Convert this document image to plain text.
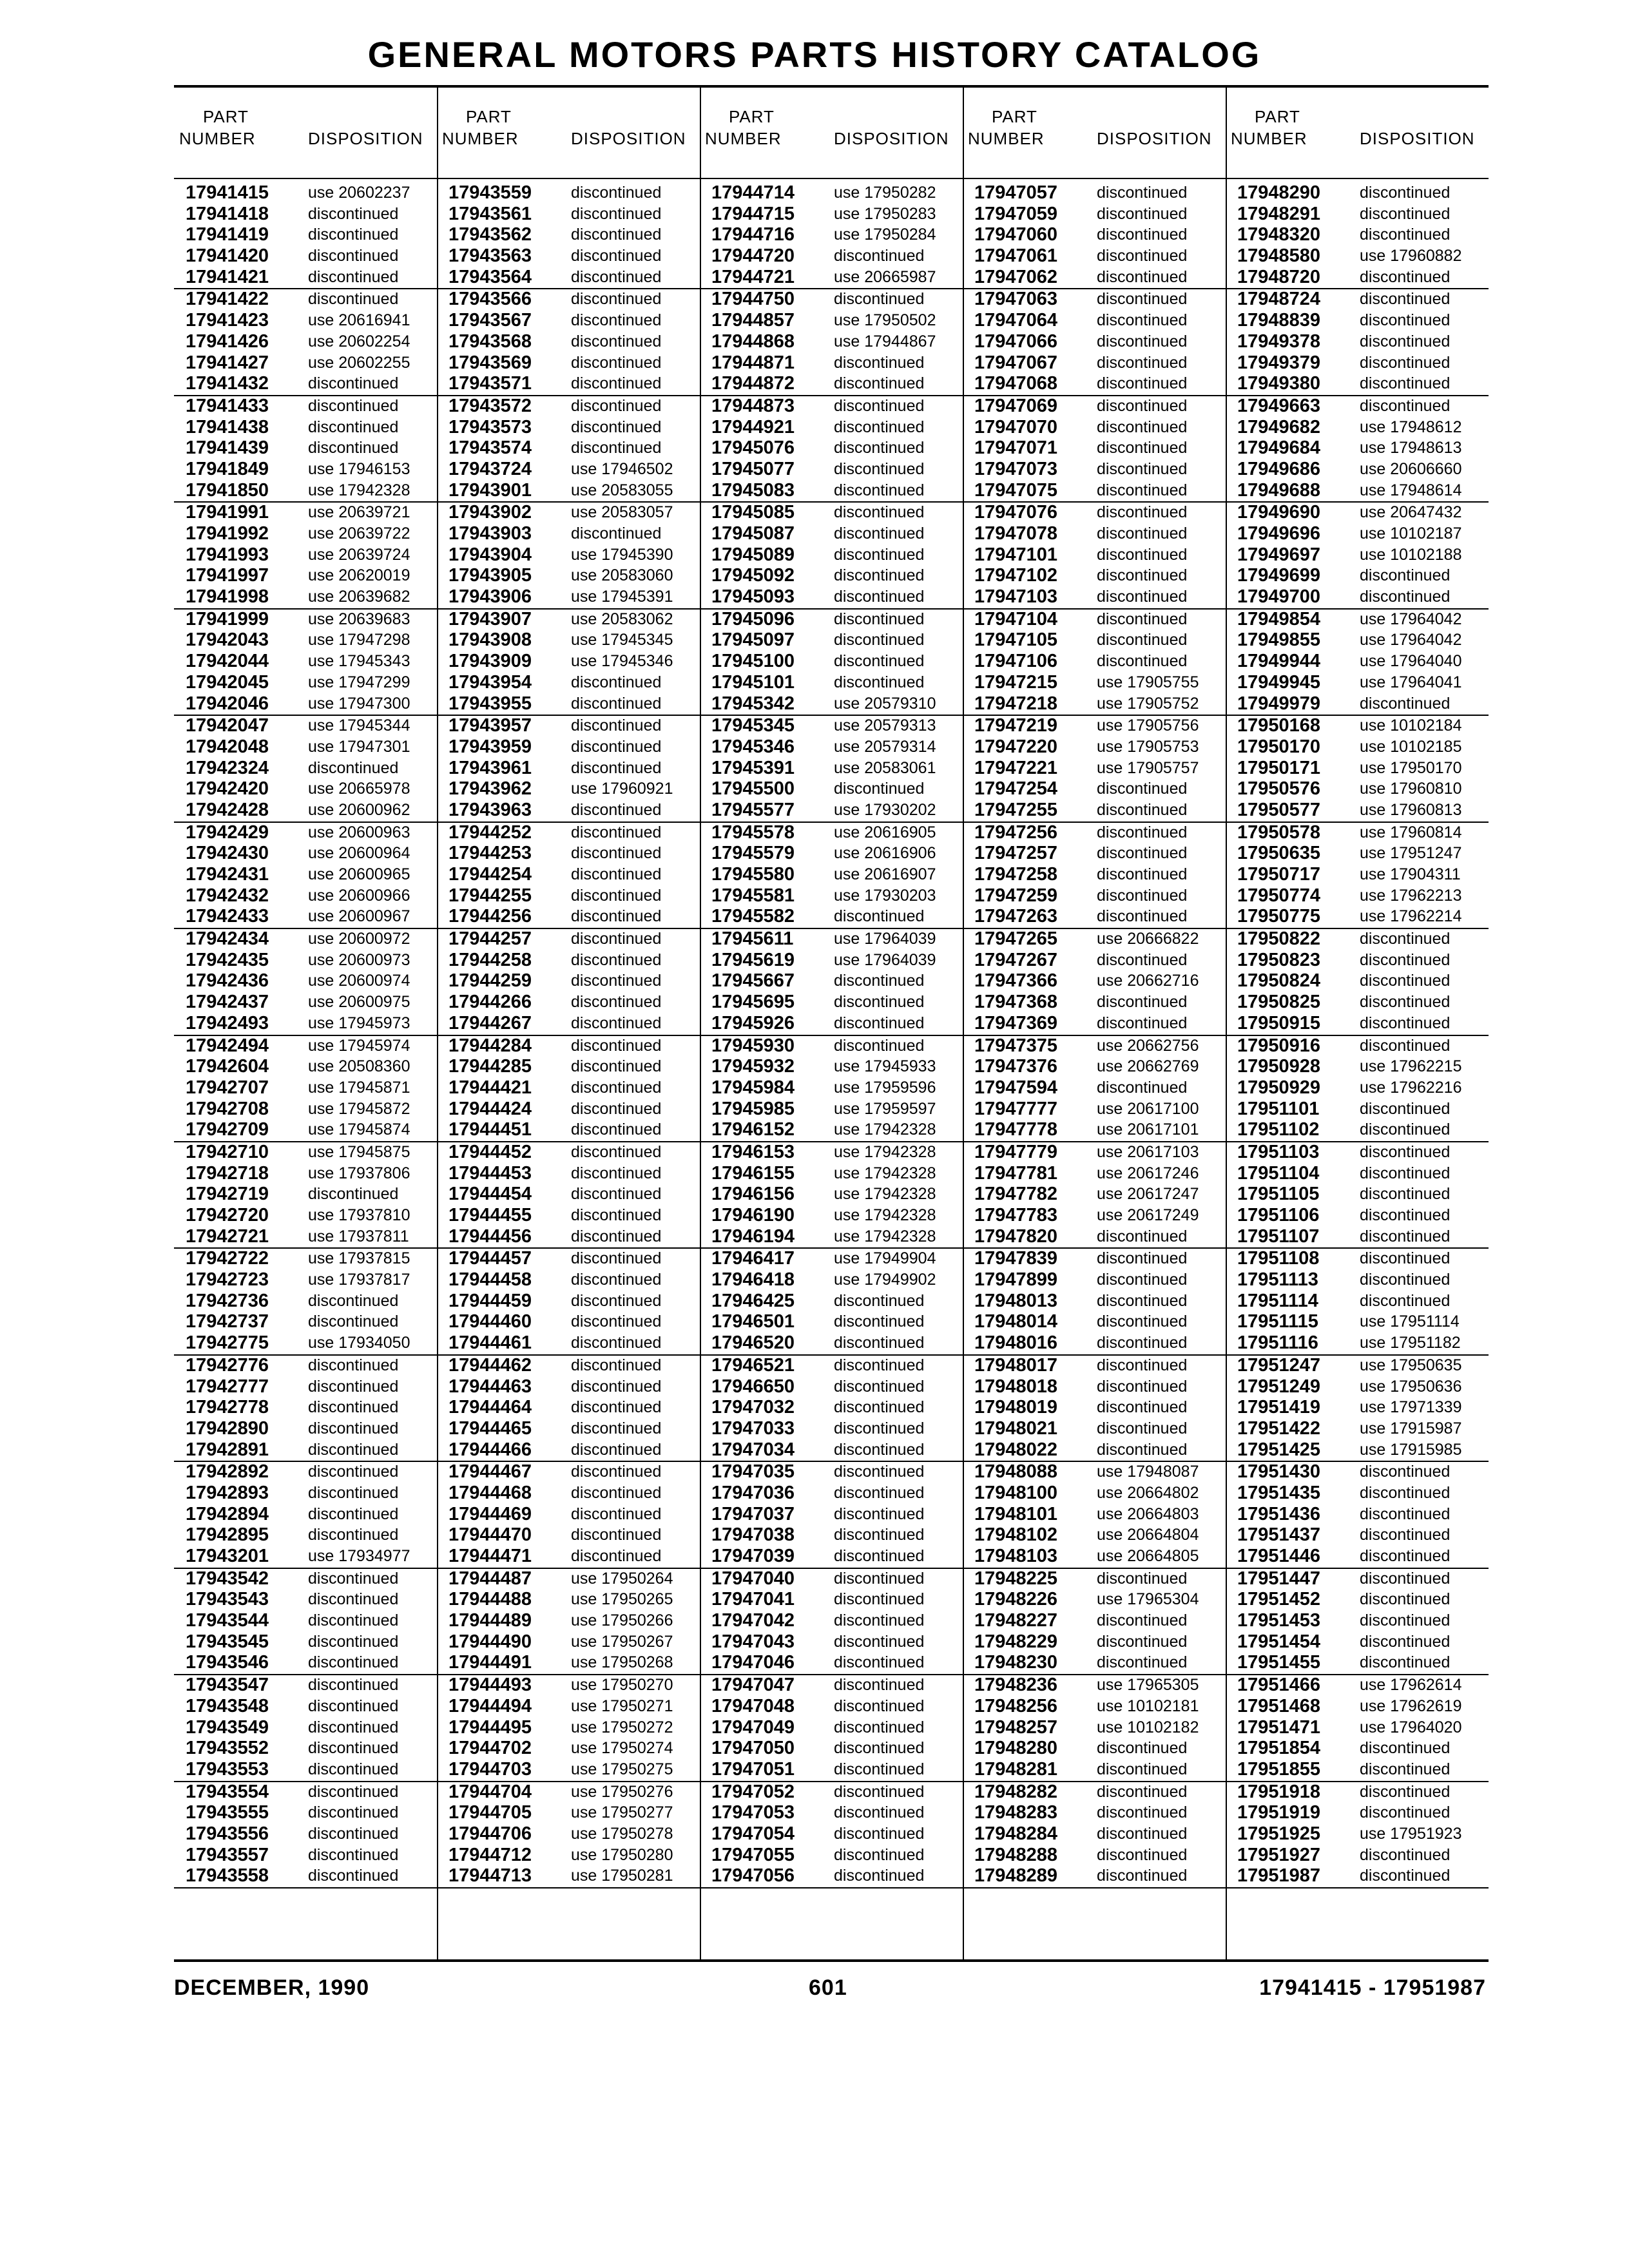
GENERAL MOTORS PARTS HISTORY CATALOG
PART
NUMBER	DISPOSITION
17941415 use 20602237
17941418 discontinued
17941419 discontinued
17941420 discontinued
17941421 discontinued
17941422 discontinued
17941423 use 20616941
17941426 use 20602254
17941427 use 20602255
17941432 discontinued
17941433 discontinued
17941438 discontinued
17941439 discontinued
17941849 use 17946153
17941850 use 17942328
17941991 use 20639721
17941992 use 20639722
17941993 use 20639724
17941997 use 20620019
17941998 use 20639682
17941999 use 20639683
17942043 use 17947298
17942044 use 17945343
17942045 use 17947299
17942046 use 17947300
17942047 use 17945344
17942048 use 17947301
17942324 discontinued
17942420 use 20665978
17942428 use 20600962
17942429 use 20600963
17942430 use 20600964
17942431 use 20600965
17942432 use 20600966
17942433 use 20600967
17942434 use 20600972
17942435 use 20600973
17942436 use 20600974
17942437 use 20600975
17942493 use 17945973
17942494 use 17945974
17942604 use 20508360
17942707 use 17945871
17942708 use 17945872
17942709 use 17945874
17942710 use 17945875
17942718 use 17937806
17942719 discontinued
17942720 use 17937810
17942721 use 17937811
17942722 use 17937815
17942723 use 17937817
17942736 discontinued
17942737 discontinued
17942775 use 17934050
17942776 discontinued
17942777 discontinued
17942778 discontinued
17942890 discontinued
17942891 discontinued
17942892 discontinued
17942893 discontinued
17942894 discontinued
17942895 discontinued
17943201 use 17934977
17943542 discontinued
17943543 discontinued
17943544 discontinued
17943545 discontinued
17943546 discontinued
17943547 discontinued
17943548 discontinued
17943549 discontinued
17943552 discontinued
17943553 discontinued
17943554 discontinued
17943555 discontinued
17943556 discontinued
17943557 discontinued
17943558 discontinued
PART
NUMBER	DISPOSITION
17943559 discontinued
17943561 discontinued
17943562 discontinued
17943563 discontinued
17943564 discontinued
17943566 discontinued
17943567 discontinued
17943568 discontinued
17943569 discontinued
17943571 discontinued
17943572 discontinued
17943573 discontinued
17943574 discontinued
17943724 use 17946502
17943901 use 20583055
17943902 use 20583057
17943903 discontinued
17943904 use 17945390
17943905 use 20583060
17943906 use 17945391
17943907 use 20583062
17943908 use 17945345
17943909 use 17945346
17943954 discontinued
17943955 discontinued
17943957 discontinued
17943959 discontinued
17943961 discontinued
17943962 use 17960921
17943963 discontinued
17944252 discontinued
17944253 discontinued
17944254 discontinued
17944255 discontinued
17944256 discontinued
17944257 discontinued
17944258 discontinued
17944259 discontinued
17944266 discontinued
17944267 discontinued
17944284 discontinued
17944285 discontinued
17944421 discontinued
17944424 discontinued
17944451 discontinued
17944452 discontinued
17944453 discontinued
17944454 discontinued
17944455 discontinued
17944456 discontinued
17944457 discontinued
17944458 discontinued
17944459 discontinued
17944460 discontinued
17944461 discontinued
17944462 discontinued
17944463 discontinued
17944464 discontinued
17944465 discontinued
17944466 discontinued
17944467 discontinued
17944468 discontinued
17944469 discontinued
17944470 discontinued
17944471 discontinued
17944487 use 17950264
17944488 use 17950265
17944489 use 17950266
17944490 use 17950267
17944491 use 17950268
17944493 use 17950270
17944494 use 17950271
17944495 use 17950272
17944702 use 17950274
17944703 use 17950275
17944704 use 17950276
17944705 use 17950277
17944706 use 17950278
17944712 use 17950280
17944713 use 17950281
PART
NUMBER	DISPOSITION
17944714 use 17950282
17944715 use 17950283
17944716 use 17950284
17944720 discontinued
17944721 use 20665987
17944750 discontinued
17944857 use 17950502
17944868 use 17944867
17944871 discontinued
17944872 discontinued
17944873 discontinued
17944921 discontinued
17945076 discontinued
17945077 discontinued
17945083 discontinued
17945085 discontinued
17945087 discontinued
17945089 discontinued
17945092 discontinued
17945093 discontinued
17945096 discontinued
17945097 discontinued
17945100 discontinued
17945101 discontinued
17945342 use 20579310
17945345 use 20579313
17945346 use 20579314
17945391 use 20583061
17945500 discontinued
17945577 use 17930202
17945578 use 20616905
17945579 use 20616906
17945580 use 20616907
17945581 use 17930203
17945582 discontinued
17945611	use 17964039
17945619 use 17964039
17945667 discontinued
17945695 discontinued
17945926 discontinued
17945930 discontinued
17945932 use 17945933
17945984 use 17959596
17945985 use 17959597
17946152 use 17942328
17946153 use 17942328
17946155 use 17942328
17946156 use 17942328
17946190 use 17942328
17946194 use 17942328
17946417 use 17949904
17946418 use 17949902
17946425 discontinued
17946501 discontinued
17946520 discontinued
17946521 discontinued
17946650 discontinued
17947032 discontinued
17947033 discontinued
17947034 discontinued
17947035 discontinued
17947036 discontinued
17947037 discontinued
17947038 discontinued
17947039 discontinued
17947040 discontinued
17947041 discontinued
17947042 discontinued
17947043 discontinued
17947046 discontinued
17947047 discontinued
17947048 discontinued
17947049 discontinued
17947050 discontinued
17947051 discontinued
17947052 discontinued
17947053 discontinued
17947054 discontinued
17947055 discontinued
17947056 discontinued
PART
NUMBER	DISPOSITION
17947057 discontinued
17947059 discontinued
17947060 discontinued
17947061 discontinued
17947062 discontinued
17947063 discontinued
17947064 discontinued
17947066 discontinued
17947067 discontinued
17947068 discontinued
17947069 discontinued
17947070 discontinued
17947071 discontinued
17947073 discontinued
17947075 discontinued
17947076 discontinued
17947078 discontinued
17947101 discontinued
17947102 discontinued
17947103 discontinued
17947104 discontinued
17947105 discontinued
17947106 discontinued
17947215 use 17905755
17947218 use 17905752
17947219 use 17905756
17947220 use 17905753
17947221 use 17905757
17947254 discontinued
17947255 discontinued
17947256 discontinued
17947257 discontinued
17947258 discontinued
17947259 discontinued
17947263 discontinued
17947265 use 20666822
17947267 discontinued
17947366 use 20662716
17947368 discontinued
17947369 discontinued
17947375 use 20662756
17947376 use 20662769
17947594 discontinued
17947777 use 20617100
17947778 use 20617101
17947779 use 20617103
17947781 use 20617246
17947782 use 20617247
17947783 use 20617249
17947820 discontinued
17947839 discontinued
17947899 discontinued
17948013 discontinued
17948014 discontinued
17948016 discontinued
17948017 discontinued
17948018 discontinued
17948019 discontinued
17948021 discontinued
17948022 discontinued
17948088 use 17948087
17948100 use 20664802
17948101 use 20664803
17948102 use 20664804
17948103 use 20664805
17948225 discontinued
17948226 use 17965304
17948227 discontinued
17948229 discontinued
17948230 discontinued
17948236 use 17965305
17948256 use 10102181
17948257 use 10102182
17948280 discontinued
17948281 discontinued
17948282 discontinued
17948283 discontinued
17948284 discontinued
17948288 discontinued
17948289 discontinued
PART
NUMBER	DISPOSITION
17948290 discontinued
17948291 discontinued
17948320 discontinued
17948580 use 17960882
17948720 discontinued
17948724 discontinued
17948839 discontinued
17949378 discontinued
17949379 discontinued
17949380 discontinued
17949663 discontinued
17949682 use 17948612
17949684 use 17948613
17949686 use 20606660
17949688 use 17948614
17949690 use 20647432
17949696 use 10102187
17949697 use 10102188
17949699 discontinued
17949700 discontinued
17949854 use 17964042
17949855 use 17964042
17949944 use 17964040
17949945 use 17964041
17949979 discontinued
17950168 use 10102184
17950170 use 10102185
17950171 use 17950170
17950576 use 17960810
17950577 use 17960813
17950578 use 17960814
17950635 use 17951247
17950717 use 17904311
17950774 use 17962213
17950775 use 17962214
17950822 discontinued
17950823 discontinued
17950824 discontinued
17950825 discontinued
17950915 discontinued
17950916 discontinued
17950928 use 17962215
17950929 use 17962216
17951101	discontinued
17951102	discontinued
17951103	discontinued
17951104	discontinued
17951105	discontinued
17951106	discontinued
17951107	discontinued
17951108	discontinued
17951113	discontinued
17951114	discontinued
17951115	use 17951114
17951116	use 17951182
17951247 use 17950635
17951249 use 17950636
17951419 use 17971339
17951422 use 17915987
17951425 use 17915985
17951430 discontinued
17951435 discontinued
17951436 discontinued
17951437 discontinued
17951446 discontinued
17951447 discontinued
17951452 discontinued
17951453 discontinued
17951454 discontinued
17951455 discontinued
17951466 use 17962614
17951468 use 17962619
17951471 use 17964020
17951854 discontinued
17951855 discontinued
17951918 discontinued
17951919 discontinued
17951925 use 17951923
17951927 discontinued
17951987 discontinued
DECEMBER, 1990	601	17941415 - 17951987
